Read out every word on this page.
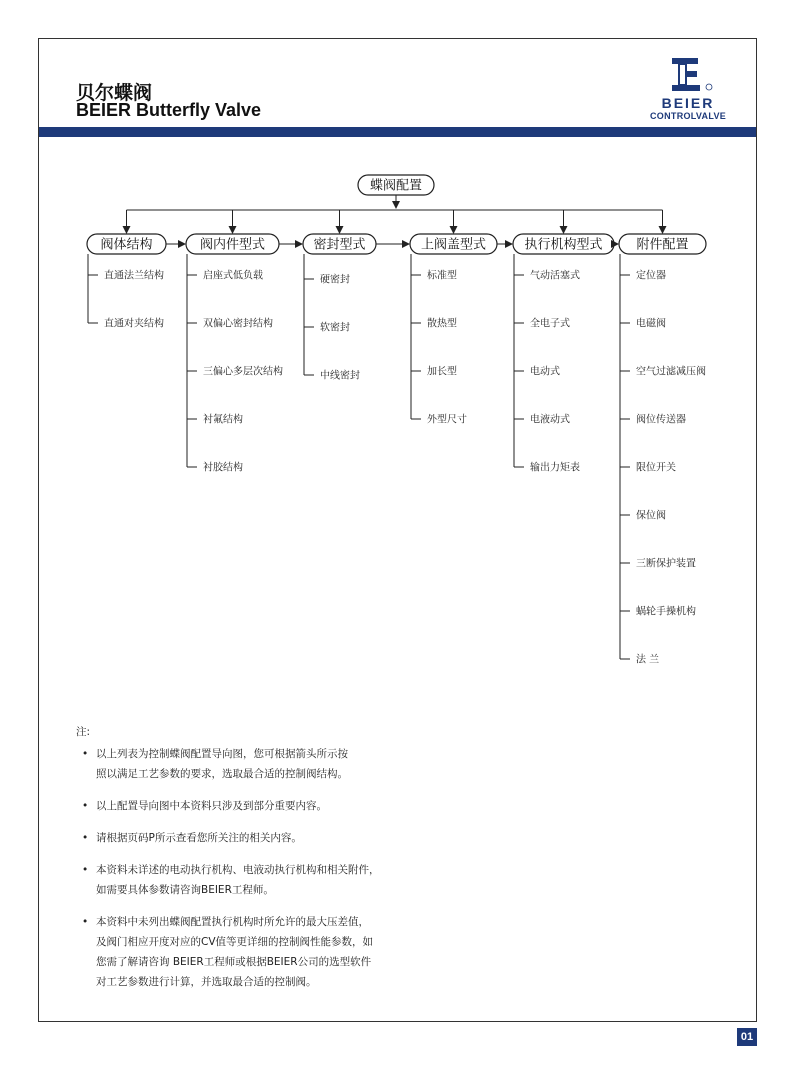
贝尔蝶阀
BEIER Butterfly Valve	BEIER
CONTROLVALVE
蝶阀配置
阀体结构
直通法兰结构
直通对夹结构
阀内件型式
启座式低负载
双偏心密封结构
三偏心多层次结构
衬氟结构
衬胶结构
密封型式
硬密封
软密封
中线密封
上阀盖型式
标准型
散热型
加长型
外型尺寸
执行机构型式
气动活塞式
全电子式
电动式
电液动式
输出力矩表
附件配置
定位器
电磁阀
空气过滤减压阀
阀位传送器
限位开关
保位阀
三断保护装置
蜗轮手操机构
法 兰
注:
• 以上列表为控制蝶阀配置导向图，您可根据箭头所示按
照以满足工艺参数的要求，选取最合适的控制阀结构。
• 以上配置导向图中本资料只涉及到部分重要内容。
• 请根据页码P所示查看您所关注的相关内容。
• 本资料未详述的电动执行机构、电液动执行机构和相关附件，
如需要具体参数请咨询BEIER工程师。
• 本资料中未列出蝶阀配置执行机构时所允许的最大压差值，
及阀门相应开度对应的CV值等更详细的控制阀性能参数，如
您需了解请咨询 BEIER工程师或根据BEIER公司的选型软件
对工艺参数进行计算，并选取最合适的控制阀。
01
